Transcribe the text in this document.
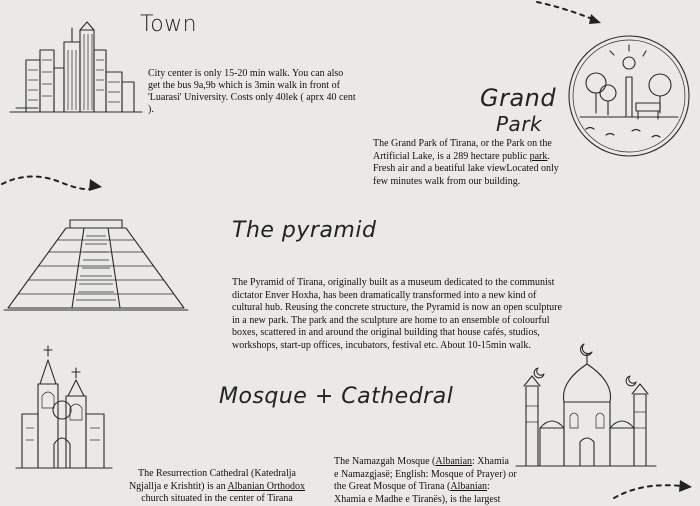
Town

City center is only 15-20 min walk. You can also get the bus 9a,9b which is 3min walk in front of 'Luarasi' University. Costs only 40lek ( aprx 40 cent ).	Grand
Park

The Grand Park of Tirana, or the Park on the Artificial Lake, is a 289 hectare public park. Fresh air and a beatiful lake viewLocated only few minutes walk from our building.

The pyramid

The Pyramid of Tirana, originally built as a museum dedicated to the communist dictator Enver Hoxha, has been dramatically transformed into a new kind of cultural hub. Reusing the concrete structure, the Pyramid is now an open sculpture in a new park. The park and the sculpture are home to an ensemble of colourful boxes, scattered in and around the original building that house cafés, studios, workshops, start-up offices, incubators, festival etc. About 10-15min walk.

Mosque + Cathedral
The Resurrection Cathedral (Katedralja
Ngjallja e Krishtit) is an Albanian Orthodox
church situated in the center of Tirana
The Namazgah Mosque (Albanian: Xhamia
e Namazgjasë; English: Mosque of Prayer) or
the Great Mosque of Tirana (Albanian:
Xhamia e Madhe e Tiranës), is the largest
